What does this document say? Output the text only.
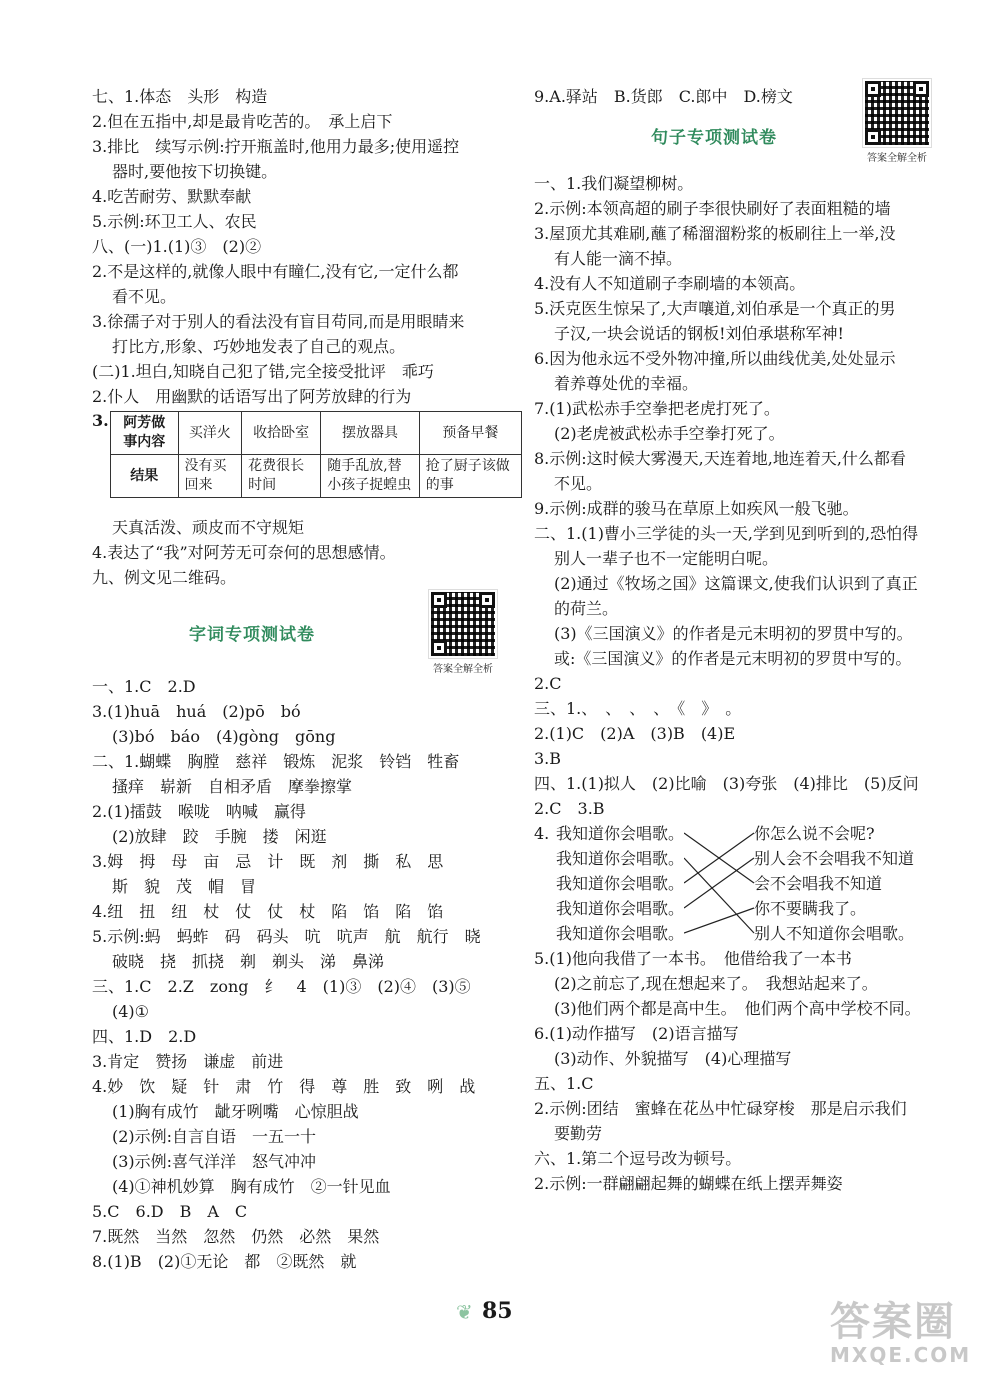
七、1.体态　头形　构造
2.但在五指中,却是最肯吃苦的。　承上启下
3.排比　续写示例:拧开瓶盖时,他用力最多;使用遥控
器时,要他按下切换键。
4.吃苦耐劳、默默奉献
5.示例:环卫工人、农民
八、(一)1.(1)③　(2)②
2.不是这样的,就像人眼中有瞳仁,没有它,一定什么都
看不见。
3.徐孺子对于别人的看法没有盲目苟同,而是用眼睛来
打比方,形象、巧妙地发表了自己的观点。
(二)1.坦白,知晓自己犯了错,完全接受批评　乖巧
2.仆人　用幽默的话语写出了阿芳放肆的行为
3. 阿芳做事内容	买洋火	收拾卧室	摆放器具	预备早餐
结果	没有买回来	花费很长时间	随手乱放,替小孩子捉蝗虫	抢了厨子该做的事
天真活泼、顽皮而不守规矩
4.表达了“我”对阿芳无可奈何的思想感情。
九、例文见二维码。
字词专项测试卷
答案全解全析
一、1.C　2.D
3.(1)huā　huá　(2)pō　bó
(3)bó　báo　(4)gòng　gōng
二、1.蝴蝶　胸膛　慈祥　锻炼　泥浆　铃铛　牲畜
搔痒　崭新　自相矛盾　摩拳擦掌
2.(1)擂鼓　喉咙　呐喊　赢得
(2)放肆　跤　手腕　搂　闲逛
3.姆　拇　母　亩　忌　计　既　剂　撕　私　思
斯　貌　茂　帽　冒
4.纽　扭　纽　杖　仗　仗　杖　陷　馅　陷　馅
5.示例:蚂　蚂蚱　码　码头　吭　吭声　航　航行　晓
破晓　挠　抓挠　剃　剃头　涕　鼻涕
三、1.C　2.Z　zong　纟　4　(1)③　(2)④　(3)⑤
(4)①
四、1.D　2.D
3.肯定　赞扬　谦虚　前进
4.妙　饮　疑　针　肃　竹　得　尊　胜　致　咧　战
(1)胸有成竹　龇牙咧嘴　心惊胆战
(2)示例:自言自语　一五一十
(3)示例:喜气洋洋　怒气冲冲
(4)①神机妙算　胸有成竹　②一针见血
5.C　6.D　B　A　C
7.既然　当然　忽然　仍然　必然　果然
8.(1)B　(2)①无论　都　②既然　就
9.A.驿站　B.货郎　C.郎中　D.榜文
句子专项测试卷
答案全解全析
一、1.我们凝望柳树。
2.示例:本领高超的刷子李很快刷好了表面粗糙的墙
3.屋顶尤其难刷,蘸了稀溜溜粉浆的板刷往上一举,没
有人能一滴不掉。
4.没有人不知道刷子李刷墙的本领高。
5.沃克医生惊呆了,大声嚷道,刘伯承是一个真正的男
子汉,一块会说话的钢板!刘伯承堪称军神!
6.因为他永远不受外物冲撞,所以曲线优美,处处显示
着养尊处优的幸福。
7.(1)武松赤手空拳把老虎打死了。
(2)老虎被武松赤手空拳打死了。
8.示例:这时候大雾漫天,天连着地,地连着天,什么都看
不见。
9.示例:成群的骏马在草原上如疾风一般飞驰。
二、1.(1)曹小三学徒的头一天,学到见到听到的,恐怕得
别人一辈子也不一定能明白呢。
(2)通过《牧场之国》这篇课文,使我们认识到了真正
的荷兰。
(3)《三国演义》的作者是元末明初的罗贯中写的。
或:《三国演义》的作者是元末明初的罗贯中写的。
2.C
三、1.、　、　、　、　《　》　。
2.(1)C　(2)A　(3)B　(4)E
3.B
四、1.(1)拟人　(2)比喻　(3)夸张　(4)排比　(5)反问
2.C　3.B
4. 我知道你会唱歌。
我知道你会唱歌。
我知道你会唱歌。
我知道你会唱歌。
我知道你会唱歌。
你怎么说不会呢?
别人会不会唱我不知道
会不会唱我不知道
你不要瞒我了。
别人不知道你会唱歌。
5.(1)他向我借了一本书。　他借给我了一本书
(2)之前忘了,现在想起来了。　我想站起来了。
(3)他们两个都是高中生。　他们两个高中学校不同。
6.(1)动作描写　(2)语言描写
(3)动作、外貌描写　(4)心理描写
五、1.C
2.示例:团结　蜜蜂在花丛中忙碌穿梭　那是启示我们
要勤劳
六、1.第二个逗号改为顿号。
2.示例:一群翩翩起舞的蝴蝶在纸上摆弄舞姿
❦ 85	答案圈
MXQE.COM
